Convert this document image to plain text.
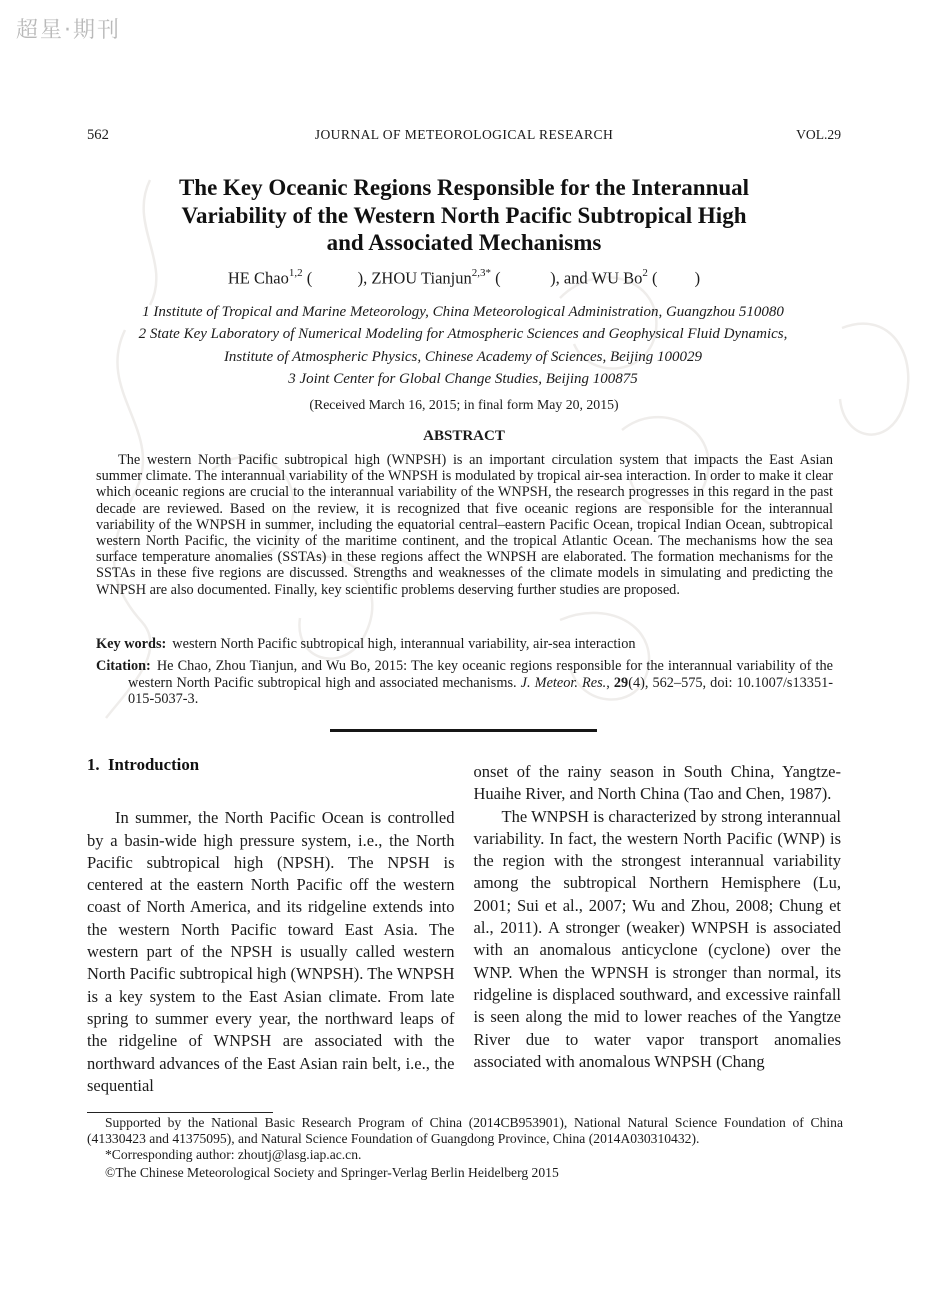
超星·期刊
562	JOURNAL OF METEOROLOGICAL RESEARCH	VOL.29
The Key Oceanic Regions Responsible for the Interannual
Variability of the Western North Pacific Subtropical High
and Associated Mechanisms
HE Chao$^{1,2}$ (           ), ZHOU Tianjun$^{2,3*}$ (            ), and WU Bo$^2$ (         )
1 Institute of Tropical and Marine Meteorology, China Meteorological Administration, Guangzhou 510080
2 State Key Laboratory of Numerical Modeling for Atmospheric Sciences and Geophysical Fluid Dynamics,
Institute of Atmospheric Physics, Chinese Academy of Sciences, Beijing 100029
3 Joint Center for Global Change Studies, Beijing 100875
(Received March 16, 2015; in final form May 20, 2015)
ABSTRACT
The western North Pacific subtropical high (WNPSH) is an important circulation system that impacts the East Asian summer climate. The interannual variability of the WNPSH is modulated by tropical air-sea interaction. In order to make it clear which oceanic regions are crucial to the interannual variability of the WNPSH, the research progresses in this regard in the past decade are reviewed. Based on the review, it is recognized that five oceanic regions are responsible for the interannual variability of the WNPSH in summer, including the equatorial central–eastern Pacific Ocean, tropical Indian Ocean, subtropical western North Pacific, the vicinity of the maritime continent, and the tropical Atlantic Ocean. The mechanisms how the sea surface temperature anomalies (SSTAs) in these regions affect the WNPSH are elaborated. The formation mechanisms for the SSTAs in these five regions are discussed. Strengths and weaknesses of the climate models in simulating and predicting the WNPSH are also documented. Finally, key scientific problems deserving further studies are proposed.
Key words: western North Pacific subtropical high, interannual variability, air-sea interaction
Citation: He Chao, Zhou Tianjun, and Wu Bo, 2015: The key oceanic regions responsible for the interannual variability of the western North Pacific subtropical high and associated mechanisms. J. Meteor. Res., 29(4), 562–575, doi: 10.1007/s13351-015-5037-3.
1.  Introduction

In summer, the North Pacific Ocean is controlled by a basin-wide high pressure system, i.e., the North Pacific subtropical high (NPSH). The NPSH is centered at the eastern North Pacific off the western coast of North America, and its ridgeline extends into the western North Pacific toward East Asia. The western part of the NPSH is usually called western North Pacific subtropical high (WNPSH). The WNPSH is a key system to the East Asian climate. From late spring to summer every year, the northward leaps of the ridgeline of WNPSH are associated with the northward advances of the East Asian rain belt, i.e., the sequential

onset of the rainy season in South China, Yangtze-Huaihe River, and North China (Tao and Chen, 1987).

The WNPSH is characterized by strong interannual variability. In fact, the western North Pacific (WNP) is the region with the strongest interannual variability among the subtropical Northern Hemisphere (Lu, 2001; Sui et al., 2007; Wu and Zhou, 2008; Chung et al., 2011). A stronger (weaker) WNPSH is associated with an anomalous anticyclone (cyclone) over the WNP. When the WPNSH is stronger than normal, its ridgeline is displaced southward, and excessive rainfall is seen along the mid to lower reaches of the Yangtze River due to water vapor transport anomalies associated with anomalous WNPSH (Chang

Supported by the National Basic Research Program of China (2014CB953901), National Natural Science Foundation of China (41330423 and 41375095), and Natural Science Foundation of Guangdong Province, China (2014A030310432).

*Corresponding author: zhoutj@lasg.iap.ac.cn.

©The Chinese Meteorological Society and Springer-Verlag Berlin Heidelberg 2015
